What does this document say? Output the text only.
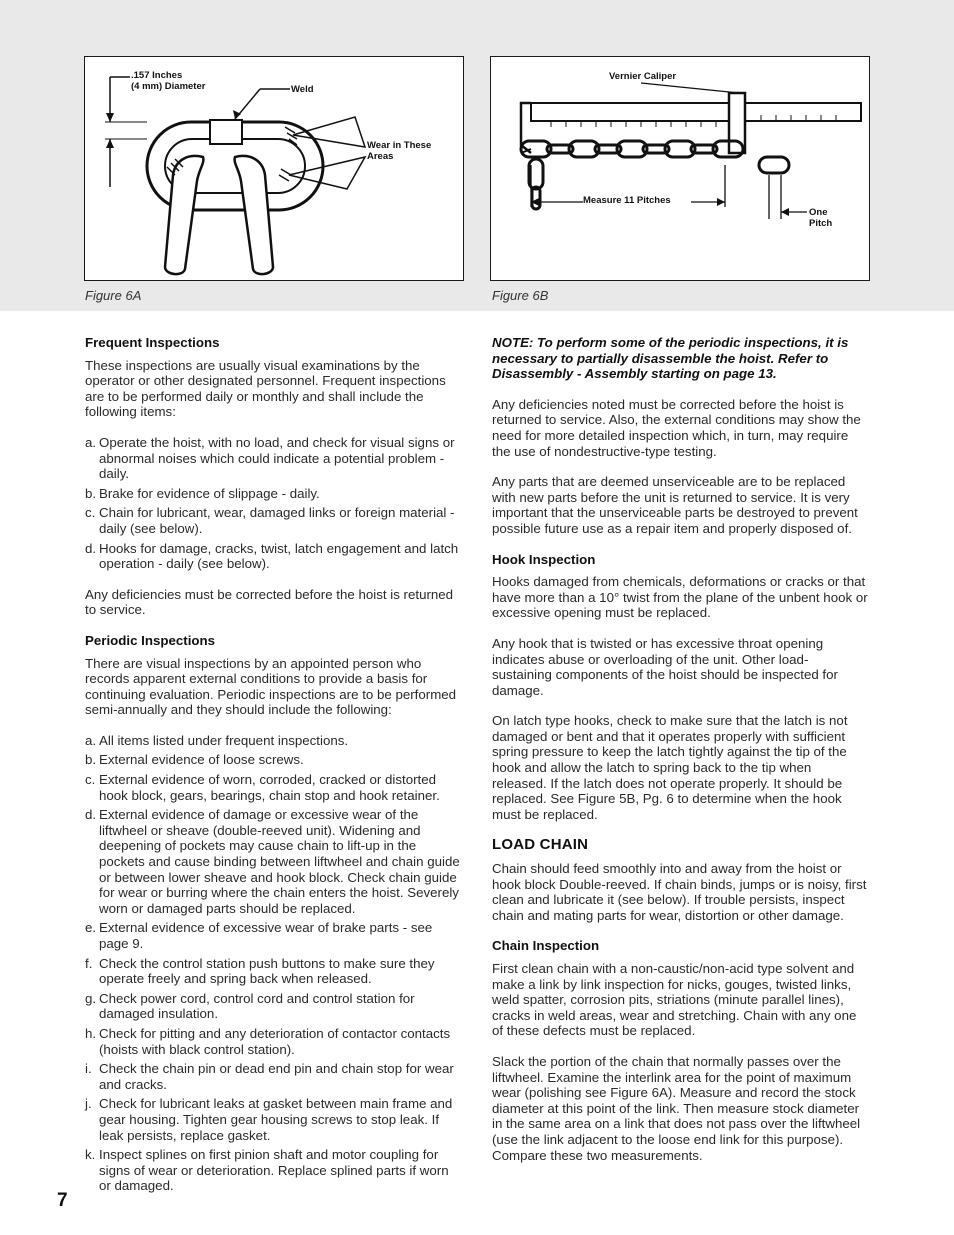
.157 Inches
(4 mm) Diameter	Weld
Wear in These
Areas
Figure 6A
Vernier Caliper
Measure 11 Pitches
One
Pitch
Figure 6B
Frequent Inspections

These inspections are usually visual examinations by the operator or other designated personnel. Frequent inspections are to be performed daily or monthly and shall include the following items:

a. Operate the hoist, with no load, and check for visual signs or abnormal noises which could indicate a potential problem - daily.
b. Brake for evidence of slippage - daily.
c. Chain for lubricant, wear, damaged links or foreign material - daily (see below).
d. Hooks for damage, cracks, twist, latch engagement and latch operation - daily (see below).

Any deficiencies must be corrected before the hoist is returned to service.

Periodic Inspections

There are visual inspections by an appointed person who records apparent external conditions to provide a basis for continuing evaluation. Periodic inspections are to be performed semi-annually and they should include the following:

a. All items listed under frequent inspections.
b. External evidence of loose screws.
c. External evidence of worn, corroded, cracked or distorted hook block, gears, bearings, chain stop and hook retainer.
d. External evidence of damage or excessive wear of the liftwheel or sheave (double-reeved unit). Widening and deepening of pockets may cause chain to lift-up in the pockets and cause binding between liftwheel and chain guide or between lower sheave and hook block. Check chain guide for wear or burring where the chain enters the hoist. Severely worn or damaged parts should be replaced.
e. External evidence of excessive wear of brake parts - see page 9.
f. Check the control station push buttons to make sure they operate freely and spring back when released.
g. Check power cord, control cord and control station for damaged insulation.
h. Check for pitting and any deterioration of contactor contacts (hoists with black control station).
i. Check the chain pin or dead end pin and chain stop for wear and cracks.
j. Check for lubricant leaks at gasket between main frame and gear housing. Tighten gear housing screws to stop leak. If leak persists, replace gasket.
k. Inspect splines on first pinion shaft and motor coupling for signs of wear or deterioration. Replace splined parts if worn or damaged.

NOTE: To perform some of the periodic inspections, it is necessary to partially disassemble the hoist. Refer to Disassembly - Assembly starting on page 13.

Any deficiencies noted must be corrected before the hoist is returned to service. Also, the external conditions may show the need for more detailed inspection which, in turn, may require the use of nondestructive-type testing.

Any parts that are deemed unserviceable are to be replaced with new parts before the unit is returned to service. It is very important that the unserviceable parts be destroyed to prevent possible future use as a repair item and properly disposed of.

Hook Inspection

Hooks damaged from chemicals, deformations or cracks or that have more than a 10° twist from the plane of the unbent hook or excessive opening must be replaced.

Any hook that is twisted or has excessive throat opening indicates abuse or overloading of the unit. Other load-sustaining components of the hoist should be inspected for damage.

On latch type hooks, check to make sure that the latch is not damaged or bent and that it operates properly with sufficient spring pressure to keep the latch tightly against the tip of the hook and allow the latch to spring back to the tip when released. If the latch does not operate properly. It should be replaced. See Figure 5B, Pg. 6 to determine when the hook must be replaced.

LOAD CHAIN

Chain should feed smoothly into and away from the hoist or hook block Double-reeved. If chain binds, jumps or is noisy, first clean and lubricate it (see below). If trouble persists, inspect chain and mating parts for wear, distortion or other damage.

Chain Inspection

First clean chain with a non-caustic/non-acid type solvent and make a link by link inspection for nicks, gouges, twisted links, weld spatter, corrosion pits, striations (minute parallel lines), cracks in weld areas, wear and stretching. Chain with any one of these defects must be replaced.

Slack the portion of the chain that normally passes over the liftwheel. Examine the interlink area for the point of maximum wear (polishing see Figure 6A). Measure and record the stock diameter at this point of the link. Then measure stock diameter in the same area on a link that does not pass over the liftwheel (use the link adjacent to the loose end link for this purpose). Compare these two measurements.

7
